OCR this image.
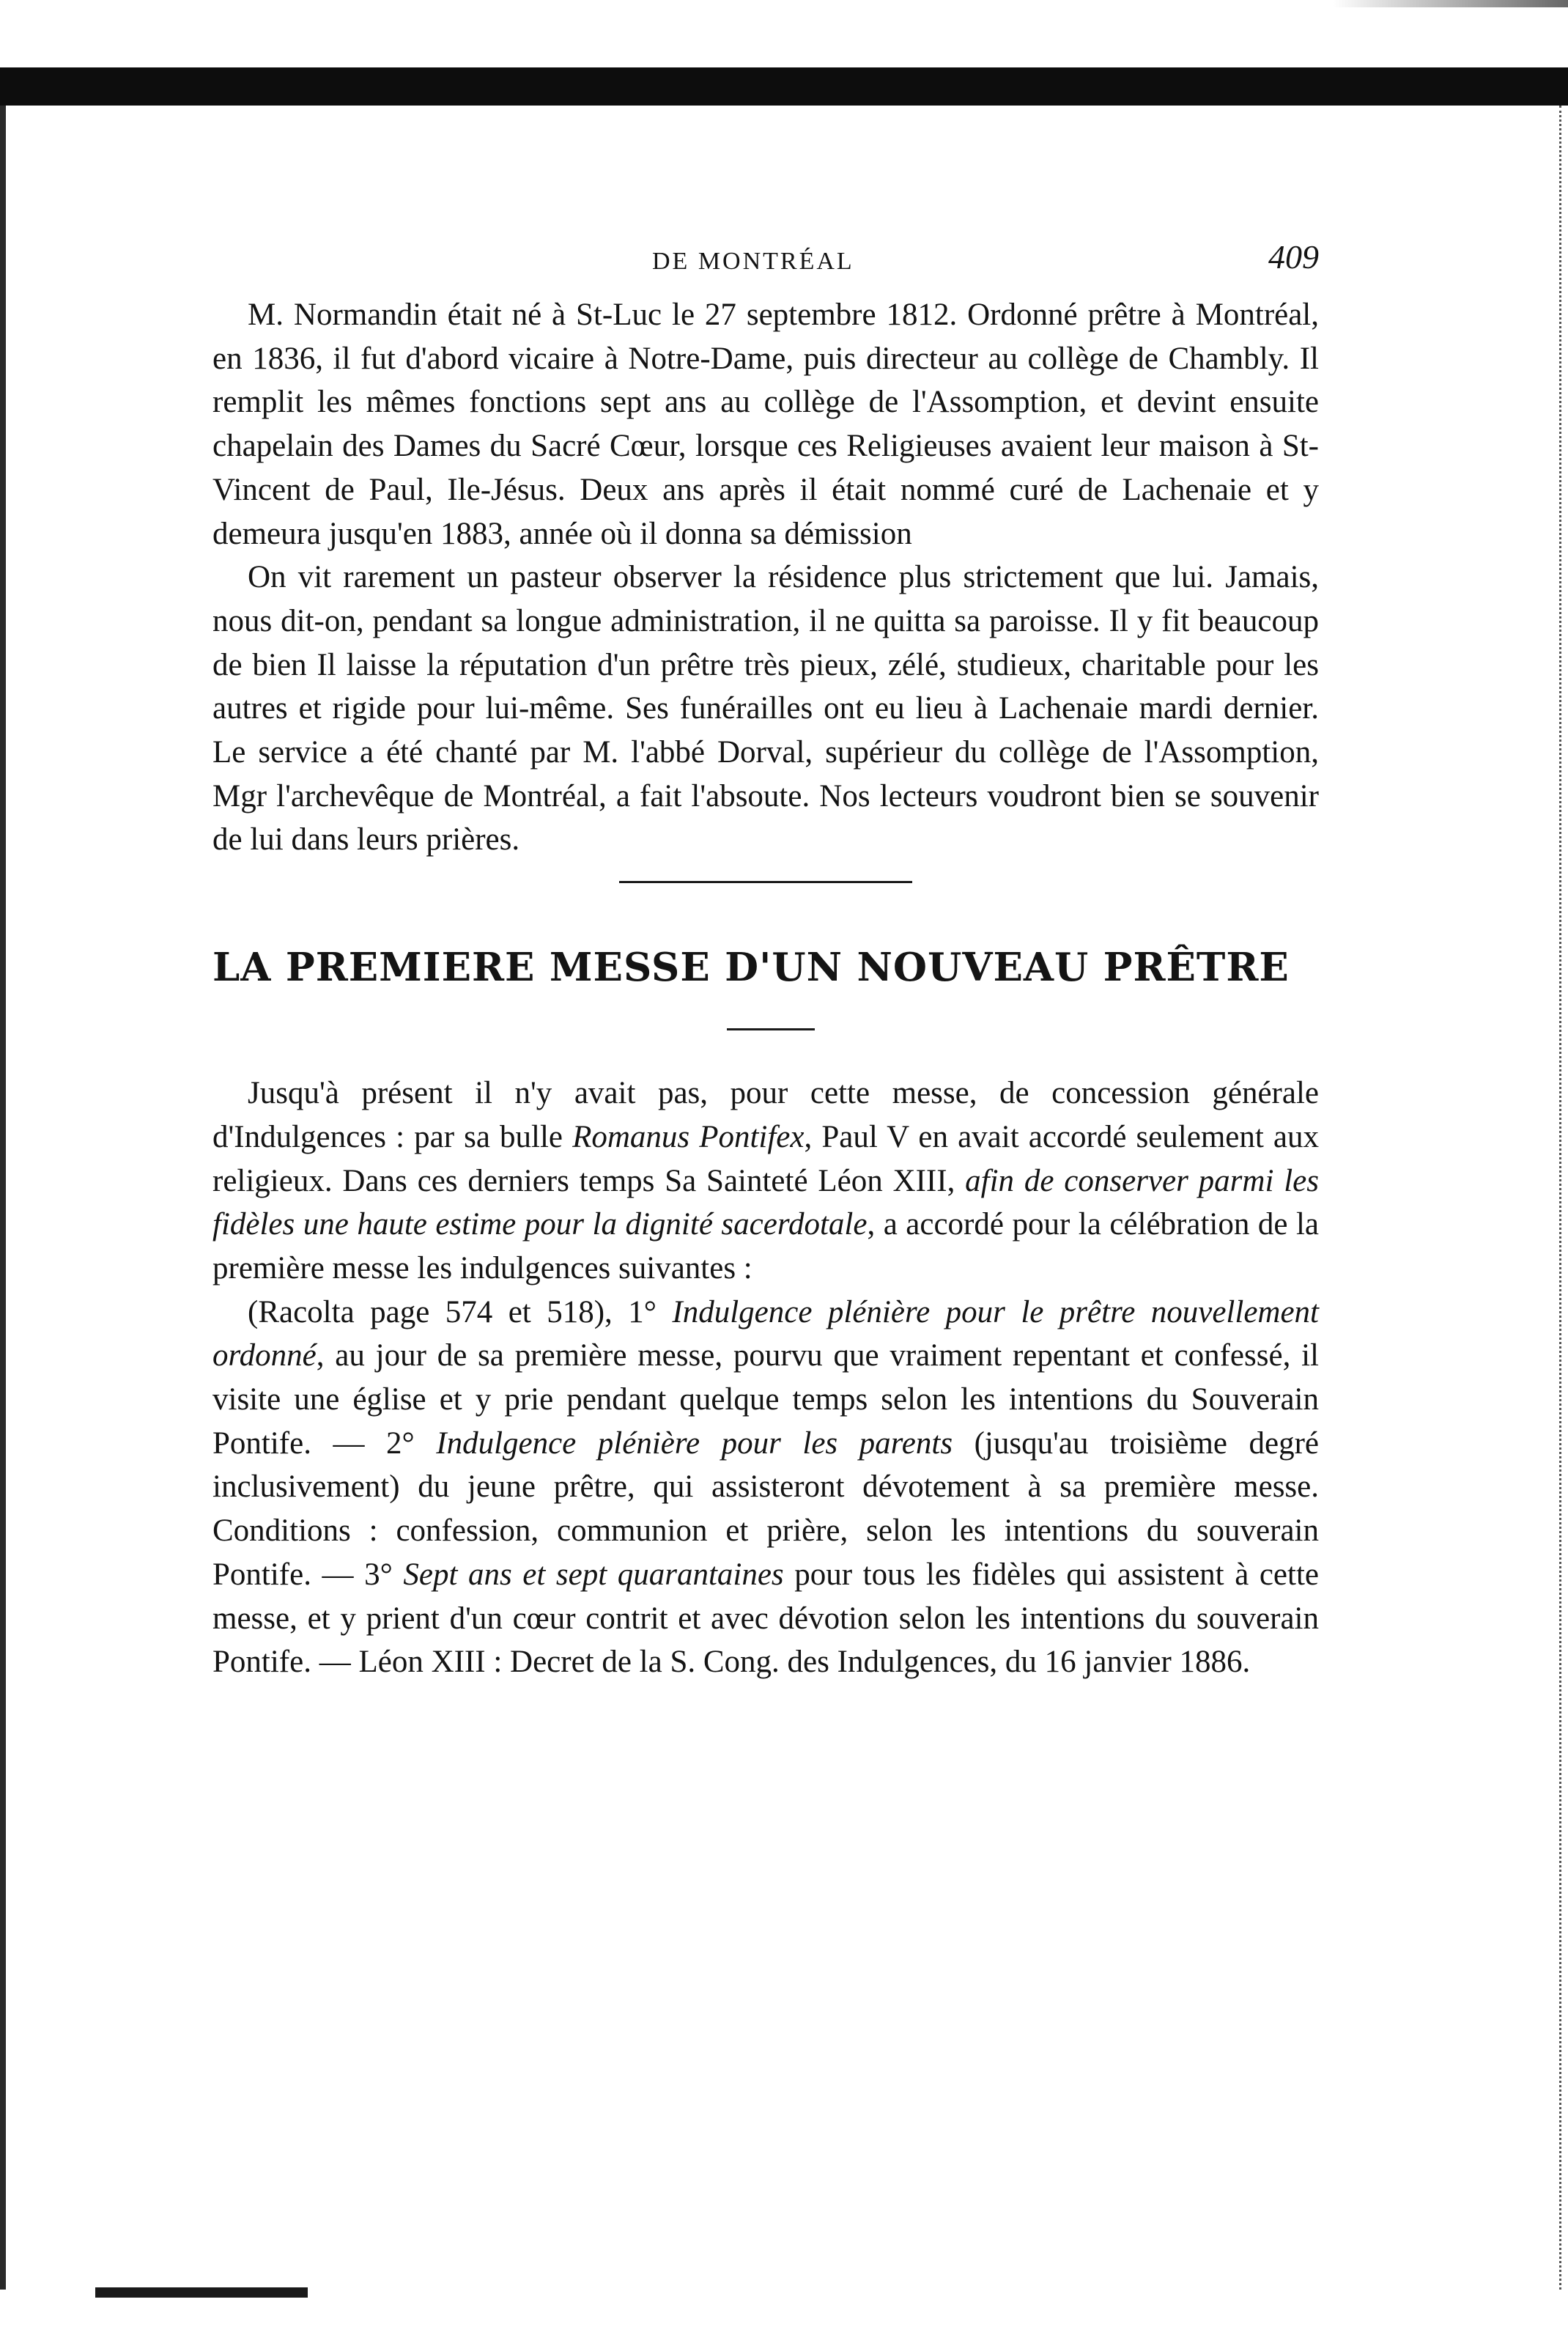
DE MONTRÉAL	409

M. Normandin était né à St-Luc le 27 septembre 1812. Ordonné prêtre à Montréal, en 1836, il fut d'abord vicaire à Notre-Dame, puis directeur au collège de Chambly. Il remplit les mêmes fonctions sept ans au collège de l'Assomption, et devint ensuite chapelain des Dames du Sacré Cœur, lorsque ces Religieuses avaient leur maison à St-Vincent de Paul, Ile-Jésus. Deux ans après il était nommé curé de Lachenaie et y demeura jusqu'en 1883, année où il donna sa démission

On vit rarement un pasteur observer la résidence plus strictement que lui. Jamais, nous dit-on, pendant sa longue administration, il ne quitta sa paroisse. Il y fit beaucoup de bien Il laisse la réputation d'un prêtre très pieux, zélé, studieux, charitable pour les autres et rigide pour lui-même. Ses funérailles ont eu lieu à Lachenaie mardi dernier. Le service a été chanté par M. l'abbé Dorval, supérieur du collège de l'Assomption, Mgr l'archevêque de Montréal, a fait l'absoute. Nos lecteurs voudront bien se souvenir de lui dans leurs prières.

LA PREMIERE MESSE D'UN NOUVEAU PRÊTRE

Jusqu'à présent il n'y avait pas, pour cette messe, de concession générale d'Indulgences : par sa bulle Romanus Pontifex, Paul V en avait accordé seulement aux religieux. Dans ces derniers temps Sa Sainteté Léon XIII, afin de conserver parmi les fidèles une haute estime pour la dignité sacerdotale, a accordé pour la célébration de la première messe les indulgences suivantes :

(Racolta page 574 et 518), 1° Indulgence plénière pour le prêtre nouvellement ordonné, au jour de sa première messe, pourvu que vraiment repentant et confessé, il visite une église et y prie pendant quelque temps selon les intentions du Souverain Pontife. — 2° Indulgence plénière pour les parents (jusqu'au troisième degré inclusivement) du jeune prêtre, qui assisteront dévotement à sa première messe. Conditions : confession, communion et prière, selon les intentions du souverain Pontife. — 3° Sept ans et sept quarantaines pour tous les fidèles qui assistent à cette messe, et y prient d'un cœur contrit et avec dévotion selon les intentions du souverain Pontife. — Léon XIII : Decret de la S. Cong. des Indulgences, du 16 janvier 1886.
